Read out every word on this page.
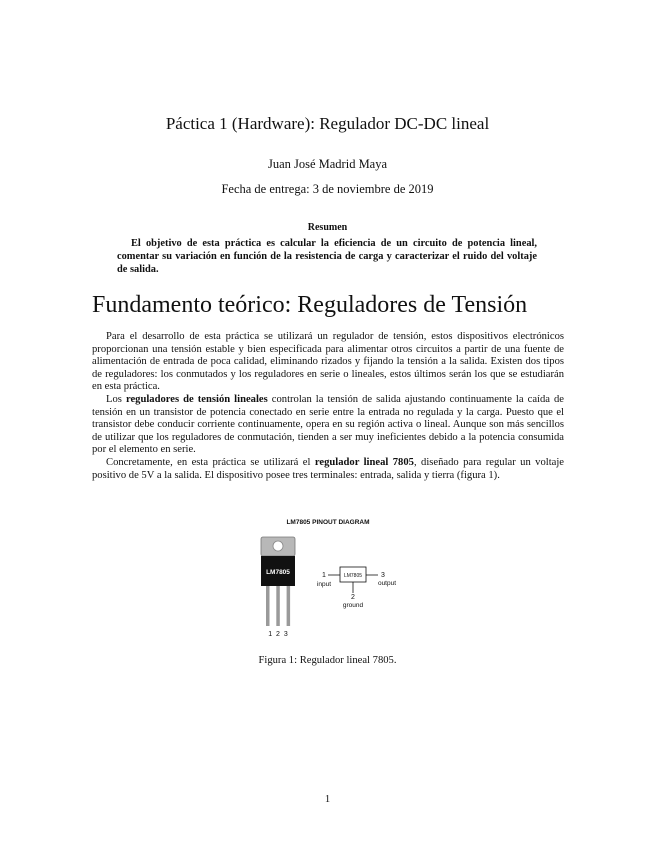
Páctica 1 (Hardware): Regulador DC-DC lineal
Juan José Madrid Maya
Fecha de entrega: 3 de noviembre de 2019
Resumen

El objetivo de esta práctica es calcular la eficiencia de un circuito de potencia lineal, comentar su variación en función de la resistencia de carga y caracterizar el ruido del voltaje de salida.

Fundamento teórico: Reguladores de Tensión

Para el desarrollo de esta práctica se utilizará un regulador de tensión, estos dispositivos electrónicos proporcionan una tensión estable y bien especificada para alimentar otros circuitos a partir de una fuente de alimentación de entrada de poca calidad, eliminando rizados y fijando la tensión a la salida. Existen dos tipos de reguladores: los conmutados y los reguladores en serie o lineales, estos últimos serán los que se estudiarán en esta práctica.

Los reguladores de tensión lineales controlan la tensión de salida ajustando continuamente la caída de tensión en un transistor de potencia conectado en serie entre la entrada no regulada y la carga. Puesto que el transistor debe conducir corriente continuamente, opera en su región activa o lineal. Aunque son más sencillos de utilizar que los reguladores de conmutación, tienden a ser muy ineficientes debido a la potencia consumida por el elemento en serie.

Concretamente, en esta práctica se utilizará el regulador lineal 7805, diseñado para regular un voltaje positivo de 5V a la salida. El dispositivo posee tres terminales: entrada, salida y tierra (figura 1).

LM7805 PINOUT DIAGRAM
LM7805
1  2  3
LM7805
1
input
3
output
2
ground
Figura 1: Regulador lineal 7805.
1
